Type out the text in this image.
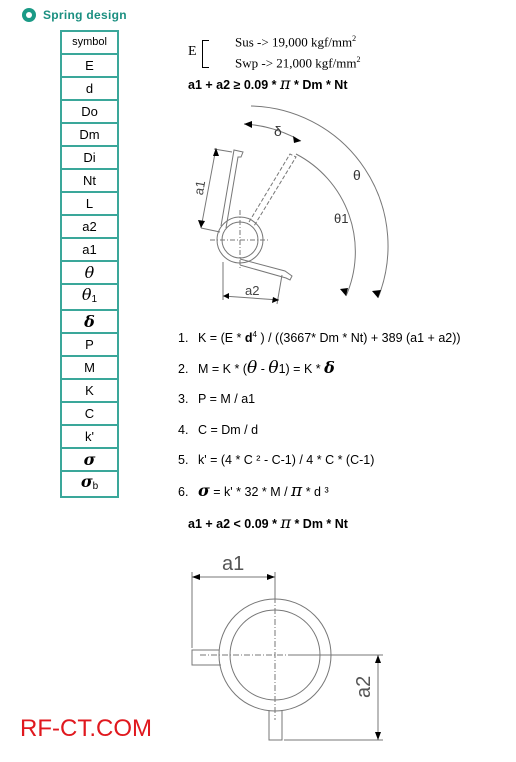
Spring design
symbol
E
d
Do
Dm
Di
Nt
L
a2
a1
θ
$\theta_1$
δ
P
M
K
C
k'
σ
$\sigma_b$
E
Sus -> 19,000 kgf/$mm^2$
Swp -> 21,000 kgf/$mm^2$
a1 + a2 ≥ 0.09 * π * Dm * Nt
δ
θ
θ1
a1
a2
1. $K = (E * d^4$ ) / ((3667* Dm * Nt) + 389 (a1 + a2))
2. M = K * (θ - θ1) = K * δ
3. P = M / a1
4. C = Dm / d
5. k' = (4 * C ² - C-1) / 4 * C * (C-1)
6. σ = k' * 32 * M / π * d ³
a1 + a2 < 0.09 * π * Dm * Nt
a1
a2
RF-CT.COM
